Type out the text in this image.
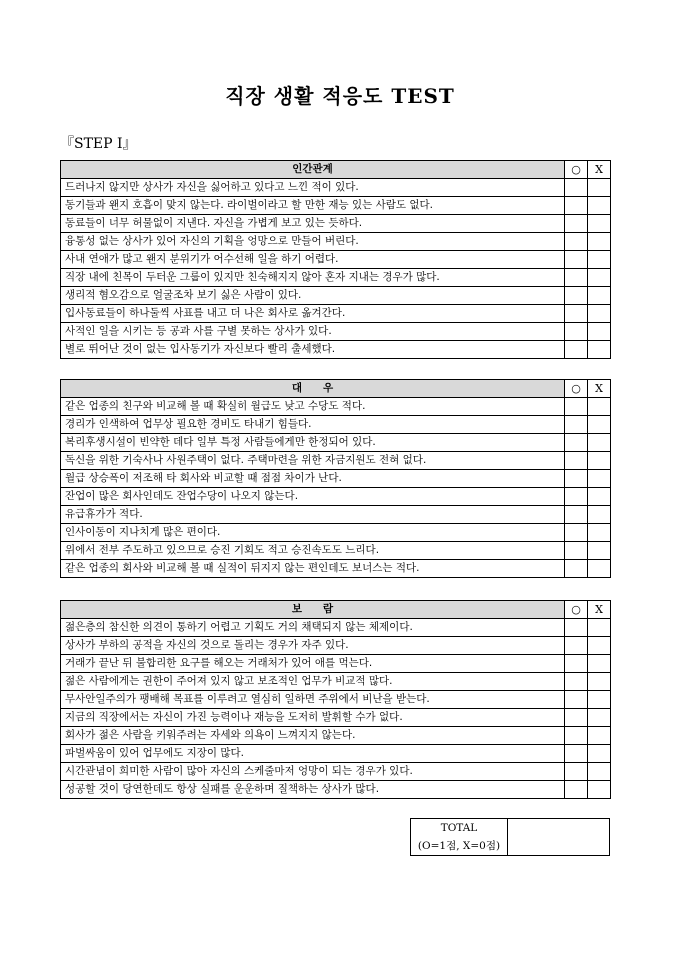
직장 생활 적응도 TEST
『STEP Ⅰ』
인간관계	○	X
드러나지 않지만 상사가 자신을 싫어하고 있다고 느낀 적이 있다.		
동기들과 왠지 호흡이 맞지 않는다. 라이벌이라고 할 만한 재능 있는 사람도 없다.		
동료들이 너무 허물없이 지낸다. 자신을 가볍게 보고 있는 듯하다.		
융통성 없는 상사가 있어 자신의 기획을 엉망으로 만들어 버린다.		
사내 연애가 많고 왠지 분위기가 어수선해 일을 하기 어렵다.		
직장 내에 친목이 두터운 그룹이 있지만 친숙해지지 않아 혼자 지내는 경우가 많다.		
생리적 혐오감으로 얼굴조차 보기 싫은 사람이 있다.		
입사동료들이 하나둘씩 사표를 내고 더 나은 회사로 옮겨간다.		
사적인 일을 시키는 등 공과 사를 구별 못하는 상사가 있다.		
별로 뛰어난 것이 없는 입사동기가 자신보다 빨리 출세했다.		
대　　우	○	X
같은 업종의 친구와 비교해 볼 때 확실히 월급도 낮고 수당도 적다.		
경리가 인색하여 업무상 필요한 경비도 타내기 힘들다.		
복리후생시설이 빈약한 데다 일부 특정 사람들에게만 한정되어 있다.		
독신을 위한 기숙사나 사원주택이 없다. 주택마련을 위한 자금지원도 전혀 없다.		
월급 상승폭이 저조해 타 회사와 비교할 때 점점 차이가 난다.		
잔업이 많은 회사인데도 잔업수당이 나오지 않는다.		
유급휴가가 적다.		
인사이동이 지나치게 많은 편이다.		
위에서 전부 주도하고 있으므로 승진 기회도 적고 승진속도도 느리다.		
같은 업종의 회사와 비교해 볼 때 실적이 뒤지지 않는 편인데도 보너스는 적다.		
보　　람	○	X
젊은층의 참신한 의견이 통하기 어렵고 기획도 거의 채택되지 않는 체제이다.		
상사가 부하의 공적을 자신의 것으로 돌리는 경우가 자주 있다.		
거래가 끝난 뒤 불합리한 요구를 해오는 거래처가 있어 애를 먹는다.		
젊은 사람에게는 권한이 주어져 있지 않고 보조적인 업무가 비교적 많다.		
무사안일주의가 팽배해 목표를 이루려고 열심히 일하면 주위에서 비난을 받는다.		
지금의 직장에서는 자신이 가진 능력이나 재능을 도저히 발휘할 수가 없다.		
회사가 젊은 사람을 키워주려는 자세와 의욕이 느껴지지 않는다.		
파벌싸움이 있어 업무에도 지장이 많다.		
시간관념이 희미한 사람이 많아 자신의 스케줄마저 엉망이 되는 경우가 있다.		
성공할 것이 당연한데도 항상 실패를 운운하며 질책하는 상사가 많다.		
TOTAL	
(O=1점, X=0점)
